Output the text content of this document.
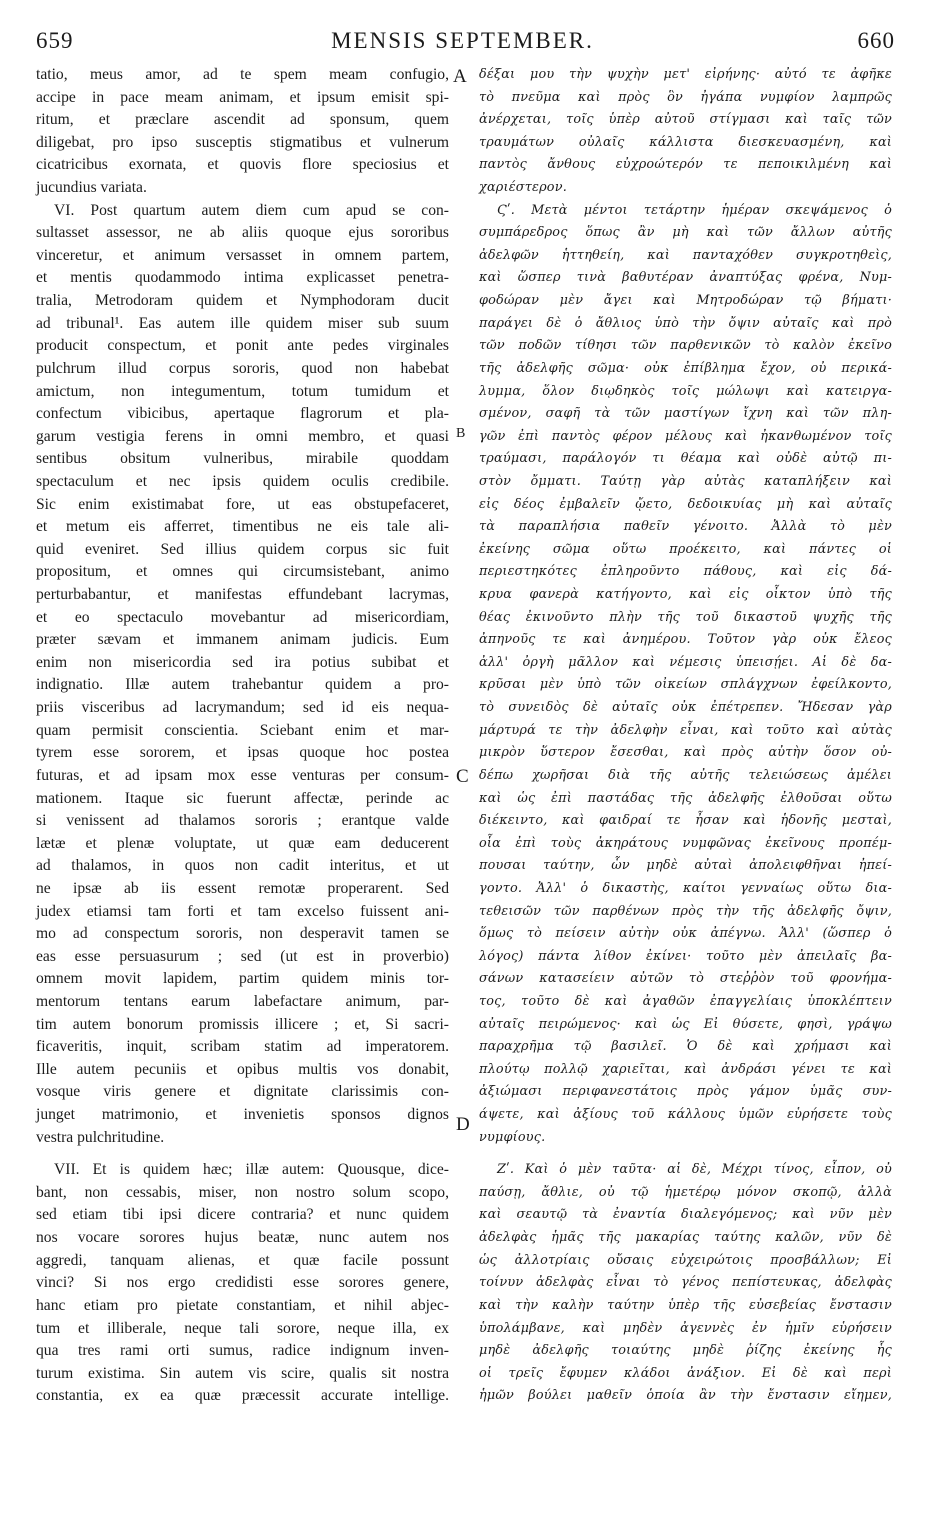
659	MENSIS SEPTEMBER.	660
A
B
C
D
tatio, meus amor, ad te spem meam confugio,
accipe in pace meam animam, et ipsum emisit spi-
ritum, et præclare ascendit ad sponsum, quem
diligebat, pro ipso susceptis stigmatibus et vulnerum
cicatricibus exornata, et quovis flore speciosius et
jucundius variata.
VI. Post quartum autem diem cum apud se con-
sultasset assessor, ne ab aliis quoque ejus sororibus
vinceretur, et animum versasset in omnem partem,
et mentis quodammodo intima explicasset penetra-
tralia, Metrodoram quidem et Nymphodoram ducit
ad tribunal¹. Eas autem ille quidem miser sub suum
producit conspectum, et ponit ante pedes virginales
pulchrum illud corpus sororis, quod non habebat
amictum, non integumentum, totum tumidum et
confectum vibicibus, apertaque flagrorum et pla-
garum vestigia ferens in omni membro, et quasi
sentibus obsitum vulneribus, mirabile quoddam
spectaculum et nec ipsis quidem oculis credibile.
Sic enim existimabat fore, ut eas obstupefaceret,
et metum eis afferret, timentibus ne eis tale ali-
quid eveniret. Sed illius quidem corpus sic fuit
propositum, et omnes qui circumsistebant, animo
perturbabantur, et manifestas effundebant lacrymas,
et eo spectaculo movebantur ad misericordiam,
præter sævam et immanem animam judicis. Eum
enim non misericordia sed ira potius subibat et
indignatio. Illæ autem trahebantur quidem a pro-
priis visceribus ad lacrymandum; sed id eis nequa-
quam permisit conscientia. Sciebant enim et mar-
tyrem esse sororem, et ipsas quoque hoc postea
futuras, et ad ipsam mox esse venturas per consum-
mationem. Itaque sic fuerunt affectæ, perinde ac
si venissent ad thalamos sororis ; erantque valde
lætæ et plenæ voluptate, ut quæ eam deducerent
ad thalamos, in quos non cadit interitus, et ut
ne ipsæ ab iis essent remotæ properarent. Sed
judex etiamsi tam forti et tam excelso fuissent ani-
mo ad conspectum sororis, non desperavit tamen se
eas esse persuasurum ; sed (ut est in proverbio)
omnem movit lapidem, partim quidem minis tor-
mentorum tentans earum labefactare animum, par-
tim autem bonorum promissis illicere ; et, Si sacri-
ficaveritis, inquit, scribam statim ad imperatorem.
Ille autem pecuniis et opibus multis vos donabit,
vosque viris genere et dignitate clarissimis con-
junget matrimonio, et invenietis sponsos dignos
vestra pulchritudine.
VII. Et is quidem hæc; illæ autem: Quousque, dice-
bant, non cessabis, miser, non nostro solum scopo,
sed etiam tibi ipsi dicere contraria? et nunc quidem
nos vocare sorores hujus beatæ, nunc autem nos
aggredi, tanquam alienas, et quæ facile possunt
vinci? Si nos ergo credidisti esse sorores genere,
hanc etiam pro pietate constantiam, et nihil abjec-
tum et illiberale, neque tali sorore, neque illa, ex
qua tres rami orti sumus, radice indignum inven-
turum existima. Sin autem vis scire, qualis sit nostra
constantia, ex ea quæ præcessit accurate intellige.
δέξαι μου τὴν ψυχὴν μετ' εἰρήνης· αὐτό τε ἀφῆκε
τὸ πνεῦμα καὶ πρὸς ὃν ἠγάπα νυμφίον λαμπρῶς
ἀνέρχεται, τοῖς ὑπὲρ αὐτοῦ στίγμασι καὶ ταῖς τῶν
τραυμάτων οὐλαῖς κάλλιστα διεσκευασμένη, καὶ
παντὸς ἄνθους εὐχροώτερόν τε πεποικιλμένη καὶ
χαριέστερον.
Ϛʹ. Μετὰ μέντοι τετάρτην ἡμέραν σκεψάμενος ὁ
συμπάρεδρος ὅπως ἂν μὴ καὶ τῶν ἄλλων αὐτῆς
ἀδελφῶν ἡττηθείη, καὶ πανταχόθεν συγκροτηθεὶς,
καὶ ὥσπερ τινὰ βαθυτέραν ἀναπτύξας φρένα, Νυμ-
φοδώραν μὲν ἄγει καὶ Μητροδώραν τῷ βήματι·
παράγει δὲ ὁ ἄθλιος ὑπὸ τὴν ὄψιν αὐταῖς καὶ πρὸ
τῶν ποδῶν τίθησι τῶν παρθενικῶν τὸ καλὸν ἐκεῖνο
τῆς ἀδελφῆς σῶμα· οὐκ ἐπίβλημα ἔχον, οὐ περικά-
λυμμα, ὅλον διῳδηκὸς τοῖς μώλωψι καὶ κατειργα-
σμένον, σαφῆ τὰ τῶν μαστίγων ἴχνη καὶ τῶν πλη-
γῶν ἐπὶ παντὸς φέρον μέλους καὶ ἠκανθωμένον τοῖς
τραύμασι, παράλογόν τι θέαμα καὶ οὐδὲ αὐτῷ πι-
στὸν ὄμματι. Ταύτῃ γὰρ αὐτὰς καταπλήξειν καὶ
εἰς δέος ἐμβαλεῖν ᾤετο, δεδοικυίας μὴ καὶ αὐταῖς
τὰ παραπλήσια παθεῖν γένοιτο. Ἀλλὰ τὸ μὲν
ἐκείνης σῶμα οὕτω προέκειτο, καὶ πάντες οἱ
περιεστηκότες ἐπληροῦντο πάθους, καὶ εἰς δά-
κρυα φανερὰ κατήγοντο, καὶ εἰς οἶκτον ὑπὸ τῆς
θέας ἐκινοῦντο πλὴν τῆς τοῦ δικαστοῦ ψυχῆς τῆς
ἀπηνοῦς τε καὶ ἀνημέρου. Τοῦτον γὰρ οὐκ ἔλεος
ἀλλ' ὀργὴ μᾶλλον καὶ νέμεσις ὑπεισῄει. Αἱ δὲ δα-
κρῦσαι μὲν ὑπὸ τῶν οἰκείων σπλάγχνων ἐφείλκοντο,
τὸ συνειδὸς δὲ αὐταῖς οὐκ ἐπέτρεπεν. Ἤδεσαν γὰρ
μάρτυρά τε τὴν ἀδελφὴν εἶναι, καὶ τοῦτο καὶ αὐτὰς
μικρὸν ὕστερον ἔσεσθαι, καὶ πρὸς αὐτὴν ὅσον οὐ-
δέπω χωρῆσαι διὰ τῆς αὐτῆς τελειώσεως ἀμέλει
καὶ ὡς ἐπὶ παστάδας τῆς ἀδελφῆς ἐλθοῦσαι οὕτω
διέκειντο, καὶ φαιδραί τε ἦσαν καὶ ἡδονῆς μεσταὶ,
οἷα ἐπὶ τοὺς ἀκηράτους νυμφῶνας ἐκεῖνους προπέμ-
πουσαι ταύτην, ὧν μηδὲ αὐταὶ ἀπολειφθῆναι ἠπεί-
γοντο. Ἀλλ' ὁ δικαστὴς, καίτοι γενναίως οὕτω δια-
τεθεισῶν τῶν παρθένων πρὸς τὴν τῆς ἀδελφῆς ὄψιν,
ὅμως τὸ πείσειν αὐτὴν οὐκ ἀπέγνω. Ἀλλ' (ὥσπερ ὁ
λόγος) πάντα λίθον ἐκίνει· τοῦτο μὲν ἀπειλαῖς βα-
σάνων κατασείειν αὐτῶν τὸ στεῤῥὸν τοῦ φρονήμα-
τος, τοῦτο δὲ καὶ ἀγαθῶν ἐπαγγελίαις ὑποκλέπτειν
αὐταῖς πειρώμενος· καὶ ὡς Εἰ θύσετε, φησὶ, γράψω
παραχρῆμα τῷ βασιλεῖ. Ὁ δὲ καὶ χρήμασι καὶ
πλούτῳ πολλῷ χαριεῖται, καὶ ἀνδράσι γένει τε καὶ
ἀξιώμασι περιφανεστάτοις πρὸς γάμον ὑμᾶς συν-
άψετε, καὶ ἀξίους τοῦ κάλλους ὑμῶν εὑρήσετε τοὺς
νυμφίους.
Ζʹ. Καὶ ὁ μὲν ταῦτα· αἱ δὲ, Μέχρι τίνος, εἶπον, οὐ
παύσῃ, ἄθλιε, οὐ τῷ ἡμετέρῳ μόνον σκοπῷ, ἀλλὰ
καὶ σεαυτῷ τὰ ἐναντία διαλεγόμενος; καὶ νῦν μὲν
ἀδελφὰς ἡμᾶς τῆς μακαρίας ταύτης καλῶν, νῦν δὲ
ὡς ἀλλοτρίαις οὔσαις εὐχειρώτοις προσβάλλων; Εἰ
τοίνυν ἀδελφὰς εἶναι τὸ γένος πεπίστευκας, ἀδελφὰς
καὶ τὴν καλὴν ταύτην ὑπὲρ τῆς εὐσεβείας ἔνστασιν
ὑπολάμβανε, καὶ μηδὲν ἀγεννὲς ἐν ἡμῖν εὑρήσειν
μηδὲ ἀδελφῆς τοιαύτης μηδὲ ῥίζης ἐκείνης ἧς
οἱ τρεῖς ἔφυμεν κλάδοι ἀνάξιον. Εἰ δὲ καὶ περὶ
ἡμῶν βούλει μαθεῖν ὁποία ἂν τὴν ἔνστασιν εἴημεν,
